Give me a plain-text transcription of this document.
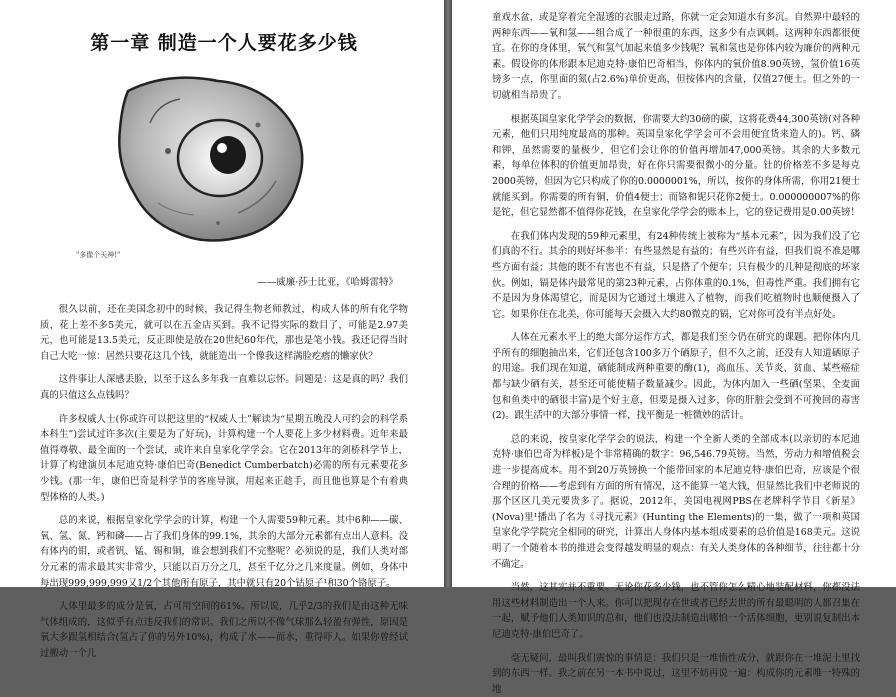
第一章 制造一个人要花多少钱
"多像个天神!"
——威廉·莎士比亚，《哈姆雷特》

很久以前，还在美国念初中的时候，我记得生物老师教过，构成人体的所有化学物质，花上差不多5美元，就可以在五金店买到。我不记得实际的数目了，可能是2.97美元，也可能是13.5美元，反正即使是放在20世纪60年代，那也是笔小钱。我还记得当时自己大吃一惊：居然只要花这几个钱，就能造出一个像我这样满脸疙瘩的懒家伙？

这件事让人深感丢脸，以至于这么多年我一直难以忘怀。问题是：这是真的吗？我们真的只值这么点钱吗？

许多权威人士(你或许可以把这里的“权威人士”解读为“星期五晚没人可约会的科学系本科生”)尝试过许多次(主要是为了好玩)，计算构建一个人要花上多少材料费。近年来最值得尊敬、最全面的一个尝试，或许来自皇家化学学会。它在2013年的剑桥科学节上，计算了构建演员本尼迪克特·康伯巴奇(Benedict Cumberbatch)必需的所有元素要花多少钱。(那一年，康伯巴奇是科学节的客座导演，用起来正趁手，而且他也算是个有着典型体格的人类。)

总的来说，根据皇家化学学会的计算，构建一个人需要59种元素。其中6种——碳、氧、氢、氮、钙和磷——占了我们身体的99.1%，其余的大部分元素都有点出人意料。没有体内的钼，或者钒、锰、锡和铜，谁会想到我们不完整呢？必须说的是，我们人类对部分元素的需求最其实非常少，只能以百万分之几，甚至千亿分之几来度量。例如，身体中每出现999,999,999又1/2个其他所有原子，其中就只有20个钴原子¹和30个铬原子。

人体里最多的成分是氧，占可用空间的61%。所以说，几乎2/3的我们是由这种无味气体组成的，这似乎有点违反我们的常识。我们之所以不像气球那么轻盈有弹性，原因是氧大多跟氢相结合(氢占了你的另外10%)，构成了水——而水，重得吓人。如果你曾经试过搬动一个儿

童戏水盆，或是穿着完全湿透的衣服走过路，你就一定会知道水有多沉。自然界中最轻的两种东西——氧和氢——组合成了一种很重的东西，这多少有点讽刺。这两种东西都很便宜。在你的身体里，氧气和氢气加起来值多少钱呢？氧和氢也是你体内较为廉价的两种元素。假设你的体形跟本尼迪克特·康伯巴奇相当，你体内的氧价值8.90英镑，氢价值16英镑多一点，你里面的氮(占2.6%)单价更高，但按体内的含量，仅值27便士。但之外的一切就相当昂贵了。

根据英国皇家化学学会的数据，你需要大约30磅的碳，这将花费44,300英镑(对各种元素，他们只用纯度最高的那种。英国皇家化学学会可不会用便宜货来造人的)。钙、磷和钾，虽然需要的量极少，但它们会让你的价值再增加47,000英镑。其余的大多数元素，每单位体积的价值更加昂贵，好在你只需要很微小的分量。钍的价格差不多是每克2000英镑，但因为它只构成了你的0.0000001%，所以，按你的身体所需，你用21便士就能买到。你需要的所有铜，价值4便士；而铬和铌只花你2便士。0.000000007%的你是铊，但它显然都不值得你花钱，在皇家化学学会的账本上，它的登记费用是0.00英镑！

在我们体内发现的59种元素里，有24种传统上被称为“基本元素”，因为我们没了它们真的不行。其余的则好坏参半：有些显然是有益的；有些兴许有益，但我们说不准是哪些方面有益；其他的既不有害也不有益，只是搭了个便车；只有极少的几种是彻底的坏家伙。例如，镉是体内最常见的第23种元素，占你体重的0.1%，但毒性严重。我们拥有它不是因为身体渴望它，而是因为它通过土壤进入了植物，而我们吃植物时也顺便摄入了它。如果你住在北美，你可能每天会摄入大约80微克的镉，它对你可没有半点好处。

人体在元素水平上的绝大部分运作方式，都是我们至今仍在研究的课题。把你体内几乎所有的细胞抽出来，它们还包含100多万个硒原子，但不久之前，还没有人知道硒原子的用途。我们现在知道，硒能制成两种重要的酶(1)，高血压、关节炎、贫血、某些癌症都与缺少硒有关，甚至还可能使精子数量减少。因此，为体内加入一些硒(坚果、全麦面包和鱼类中的硒很丰富)是个好主意，但要是摄入过多，你的肝脏会受到不可挽回的毒害(2)。跟生活中的大部分事情一样，找平衡是一桩微妙的活计。

总的来说，按皇家化学学会的说法，构建一个全新人类的全部成本(以亲切的本尼迪克特·康伯巴奇为样板)是个非常精确的数字：96,546.79英镑。当然，劳动力和增值税会进一步提高成本。用不到20万英镑换一个能带回家的本尼迪克特·康伯巴奇，应该是个很合理的价格——考虑到有方面的所有情况，这不能算一笔大钱，但显然比我们中老师说的那个区区几美元要贵多了。据说，2012年，美国电视网PBS在老牌科学节目《新星》(Nova)里¹播出了名为《寻找元素》(Hunting the Elements)的一集，做了一项和英国皇家化学学院完全相同的研究，计算出人身体内基本组成要素的总价值是168美元。这说明了一个随着本书的推进会变得越发明显的观点：有关人类身体的各种细节，往往都十分不确定。

当然，这其实并不重要。无论你花多少钱，也不管你怎么精心地装配材料，你都没法用这些材料制造出一个人来。你可以把现存在世或者已经去世的所有最聪明的人都召集在一起，赋予他们人类知识的总和，他们也没法制造出哪怕一个活体细胞，更别说复制出本尼迪克特·康伯巴奇了。

毫无疑问，最叫我们震惊的事情是：我们只是一堆惰性成分，就跟你在一堆泥土里找到的东西一样。我之前在另一本书中说过，这里不妨再说一遍：构成你的元素唯一特殊的地
